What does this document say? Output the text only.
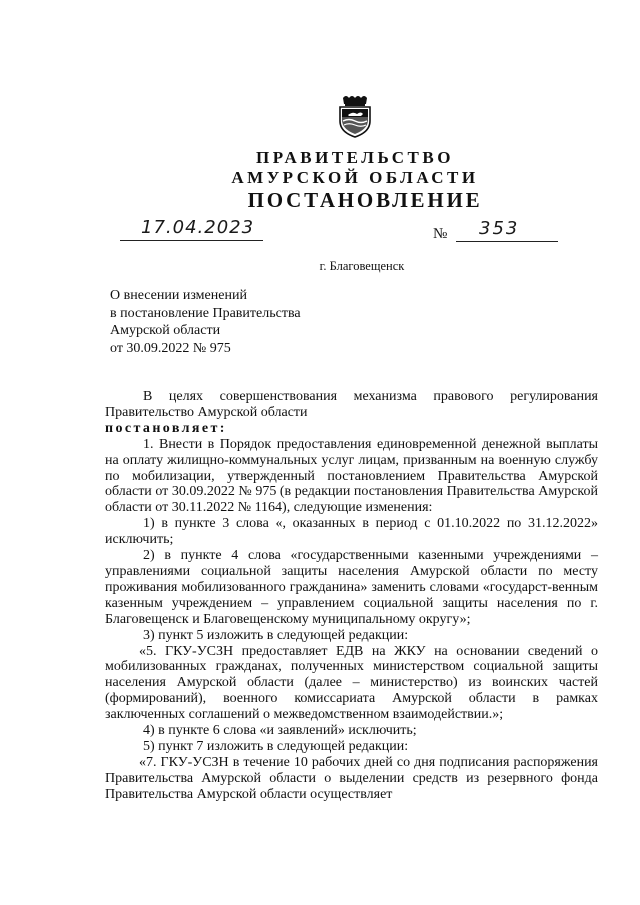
ПРАВИТЕЛЬСТВО
АМУРСКОЙ ОБЛАСТИ
ПОСТАНОВЛЕНИЕ
17.04.2023	№ 353
г. Благовещенск
О внесении изменений
в постановление Правительства
Амурской области
от 30.09.2022 № 975

В целях совершенствования механизма правового регулирования Правительство Амурской области

постановляет:

1. Внести в Порядок предоставления единовременной денежной выплаты на оплату жилищно-коммунальных услуг лицам, призванным на военную службу по мобилизации, утвержденный постановлением Правительства Амурской области от 30.09.2022 № 975 (в редакции постановления Правительства Амурской области от 30.11.2022 № 1164), следующие изменения:

1) в пункте 3 слова «, оказанных в период с 01.10.2022 по 31.12.2022» исключить;

2) в пункте 4 слова «государственными казенными учреждениями – управлениями социальной защиты населения Амурской области по месту проживания мобилизованного гражданина» заменить словами «государст-венным казенным учреждением – управлением социальной защиты населения по г. Благовещенск и Благовещенскому муниципальному округу»;

3) пункт 5 изложить в следующей редакции:

«5. ГКУ-УСЗН предоставляет ЕДВ на ЖКУ на основании сведений о мобилизованных гражданах, полученных министерством социальной защиты населения Амурской области (далее – министерство) из воинских частей (формирований), военного комиссариата Амурской области в рамках заключенных соглашений о межведомственном взаимодействии.»;

4) в пункте 6 слова «и заявлений» исключить;

5) пункт 7 изложить в следующей редакции:

«7. ГКУ-УСЗН в течение 10 рабочих дней со дня подписания распоряжения Правительства Амурской области о выделении средств из резервного фонда Правительства Амурской области осуществляет
